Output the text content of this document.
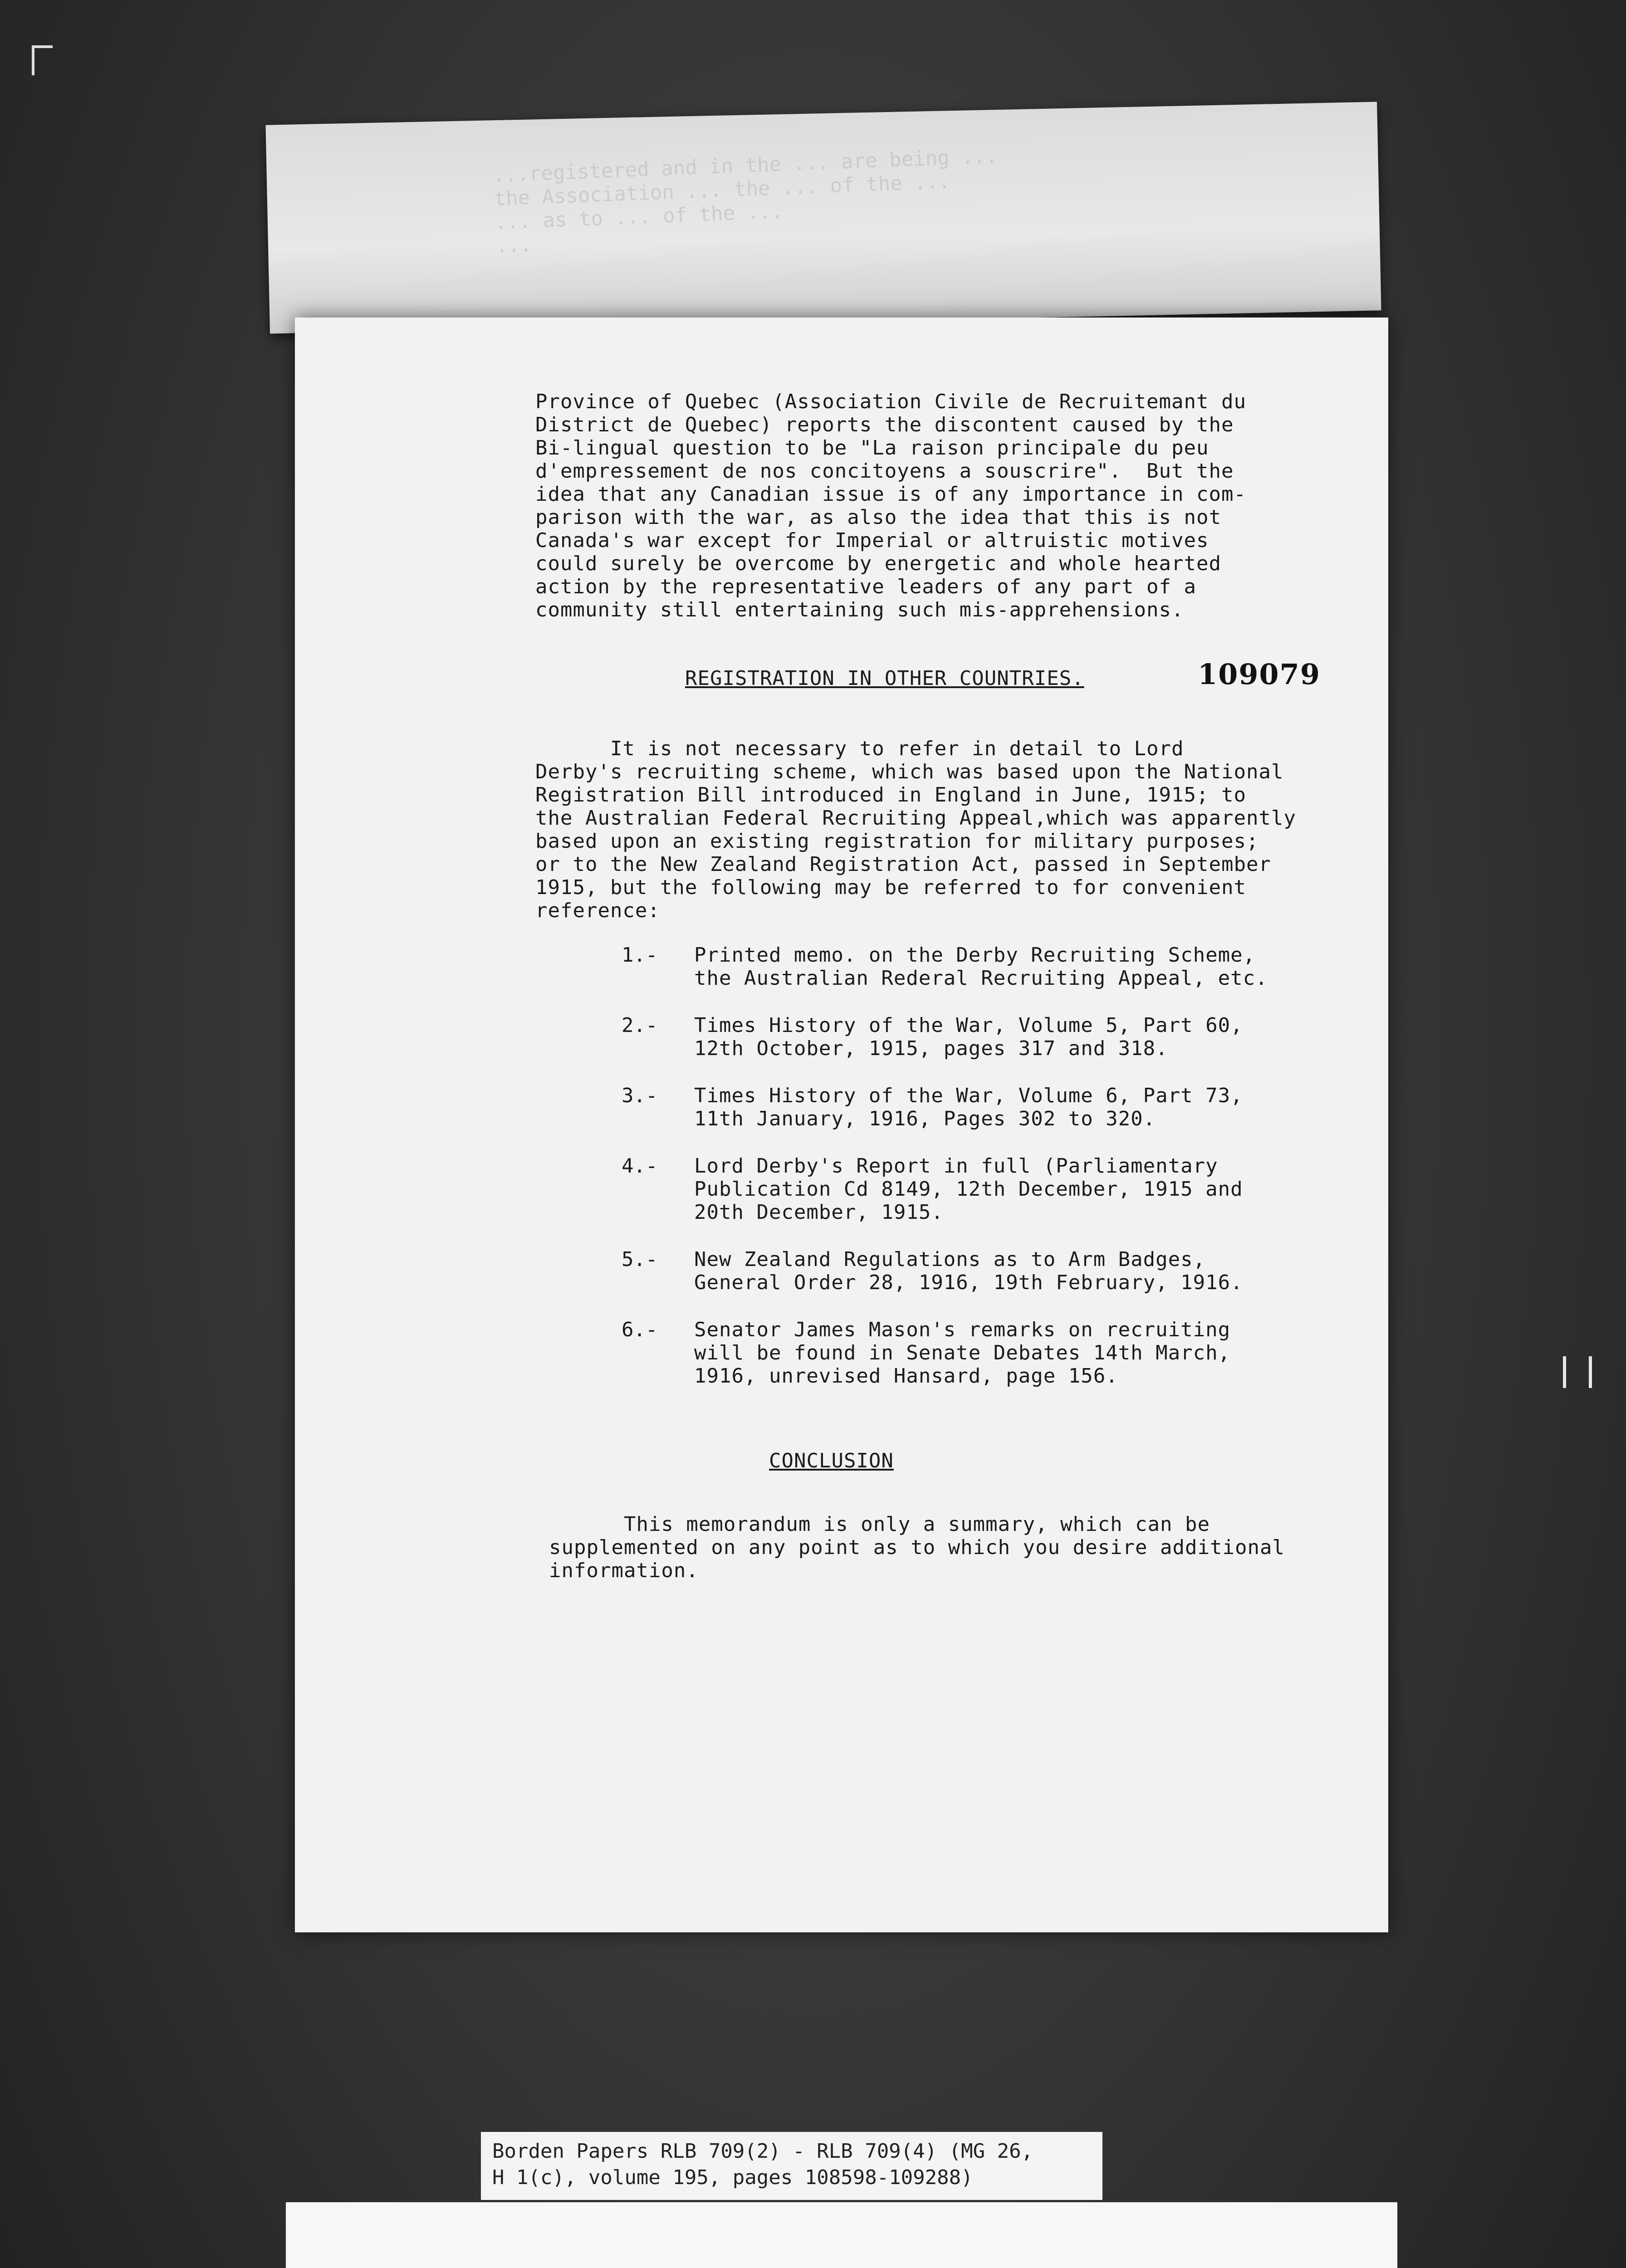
...registered and in the ... are being ...
the Association ... the ... of the ...
... as to ... of the ...
...
Province of Quebec (Association Civile de Recruitemant du
District de Quebec) reports the discontent caused by the
Bi-lingual question to be "La raison principale du peu
d'empressement de nos concitoyens a souscrire".  But the
idea that any Canadian issue is of any importance in com-
parison with the war, as also the idea that this is not
Canada's war except for Imperial or altruistic motives
could surely be overcome by energetic and whole hearted
action by the representative leaders of any part of a
community still entertaining such mis-apprehensions.
REGISTRATION IN OTHER COUNTRIES.	109079
It is not necessary to refer in detail to Lord
Derby's recruiting scheme, which was based upon the National
Registration Bill introduced in England in June, 1915; to
the Australian Federal Recruiting Appeal,which was apparently
based upon an existing registration for military purposes;
or to the New Zealand Registration Act, passed in September
1915, but the following may be referred to for convenient
reference:
1.-	Printed memo. on the Derby Recruiting Scheme,
the Australian Rederal Recruiting Appeal, etc.
2.-	Times History of the War, Volume 5, Part 60,
12th October, 1915, pages 317 and 318.
3.-	Times History of the War, Volume 6, Part 73,
11th January, 1916, Pages 302 to 320.
4.-	Lord Derby's Report in full (Parliamentary
Publication Cd 8149, 12th December, 1915 and
20th December, 1915.
5.-	New Zealand Regulations as to Arm Badges,
General Order 28, 1916, 19th February, 1916.
6.-	Senator James Mason's remarks on recruiting
will be found in Senate Debates 14th March,
1916, unrevised Hansard, page 156.
CONCLUSION
This memorandum is only a summary, which can be
supplemented on any point as to which you desire additional
information.
Borden Papers RLB 709(2) - RLB 709(4) (MG 26,
H 1(c), volume 195, pages 108598-109288)
